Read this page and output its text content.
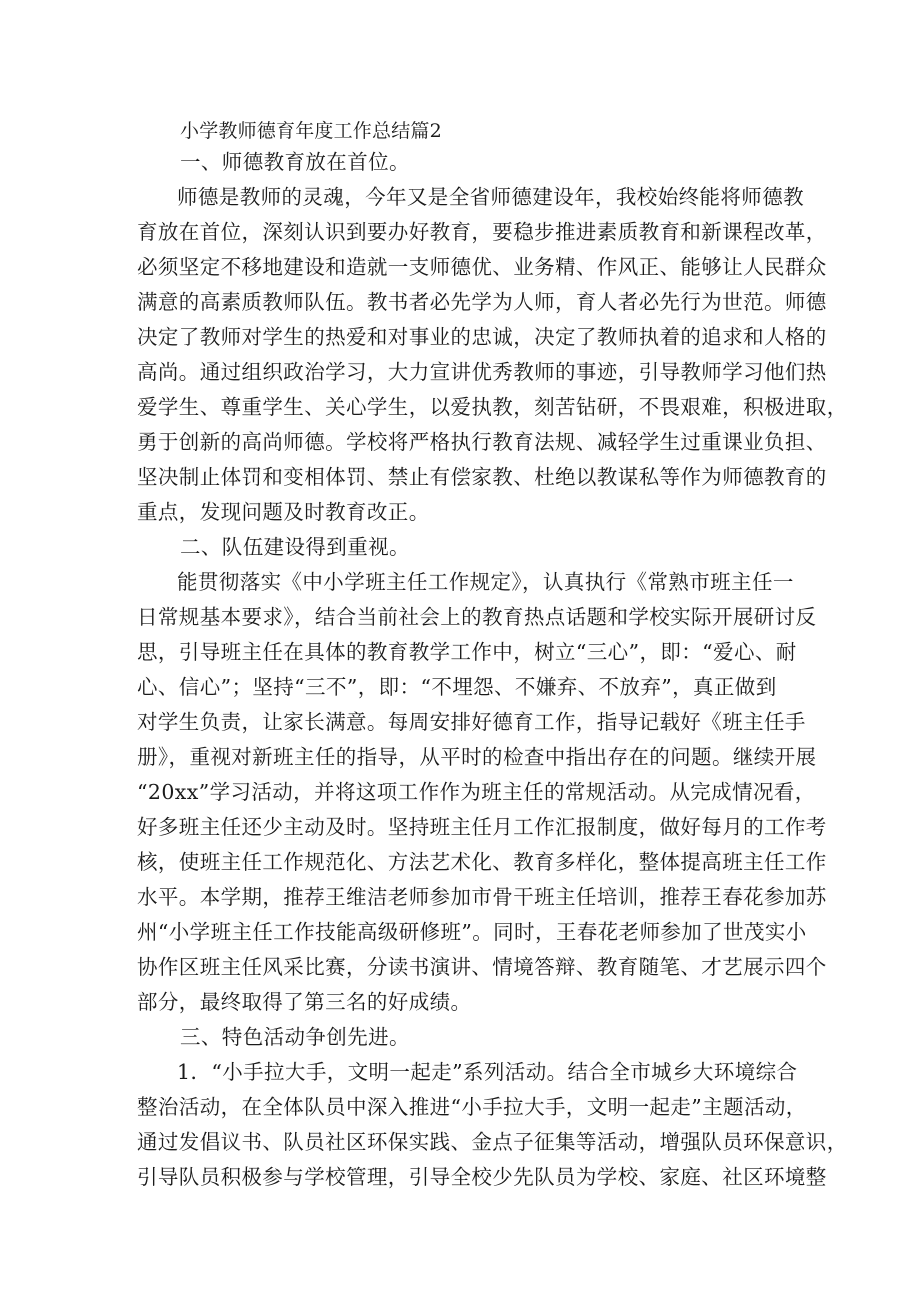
小学教师德育年度工作总结篇2
一、师德教育放在首位。
师德是教师的灵魂，今年又是全省师德建设年，我校始终能将师德教
育放在首位，深刻认识到要办好教育，要稳步推进素质教育和新课程改革，
必须坚定不移地建设和造就一支师德优、业务精、作风正、能够让人民群众
满意的高素质教师队伍。教书者必先学为人师，育人者必先行为世范。师德
决定了教师对学生的热爱和对事业的忠诚，决定了教师执着的追求和人格的
高尚。通过组织政治学习，大力宣讲优秀教师的事迹，引导教师学习他们热
爱学生、尊重学生、关心学生，以爱执教，刻苦钻研，不畏艰难，积极进取，
勇于创新的高尚师德。学校将严格执行教育法规、减轻学生过重课业负担、
坚决制止体罚和变相体罚、禁止有偿家教、杜绝以教谋私等作为师德教育的
重点，发现问题及时教育改正。
二、队伍建设得到重视。
能贯彻落实《中小学班主任工作规定》，认真执行《常熟市班主任一
日常规基本要求》，结合当前社会上的教育热点话题和学校实际开展研讨反
思，引导班主任在具体的教育教学工作中，树立“三心”，即：“爱心、耐
心、信心”；坚持“三不”，即：“不埋怨、不嫌弃、不放弃”，真正做到
对学生负责，让家长满意。每周安排好德育工作，指导记载好《班主任手
册》，重视对新班主任的指导，从平时的检查中指出存在的问题。继续开展
“20xx”学习活动，并将这项工作作为班主任的常规活动。从完成情况看，
好多班主任还少主动及时。坚持班主任月工作汇报制度，做好每月的工作考
核，使班主任工作规范化、方法艺术化、教育多样化，整体提高班主任工作
水平。本学期，推荐王维洁老师参加市骨干班主任培训，推荐王春花参加苏
州“小学班主任工作技能高级研修班”。同时，王春花老师参加了世茂实小
协作区班主任风采比赛，分读书演讲、情境答辩、教育随笔、才艺展示四个
部分，最终取得了第三名的好成绩。
三、特色活动争创先进。
1．“小手拉大手，文明一起走”系列活动。结合全市城乡大环境综合
整治活动，在全体队员中深入推进“小手拉大手，文明一起走”主题活动，
通过发倡议书、队员社区环保实践、金点子征集等活动，增强队员环保意识，
引导队员积极参与学校管理，引导全校少先队员为学校、家庭、社区环境整
